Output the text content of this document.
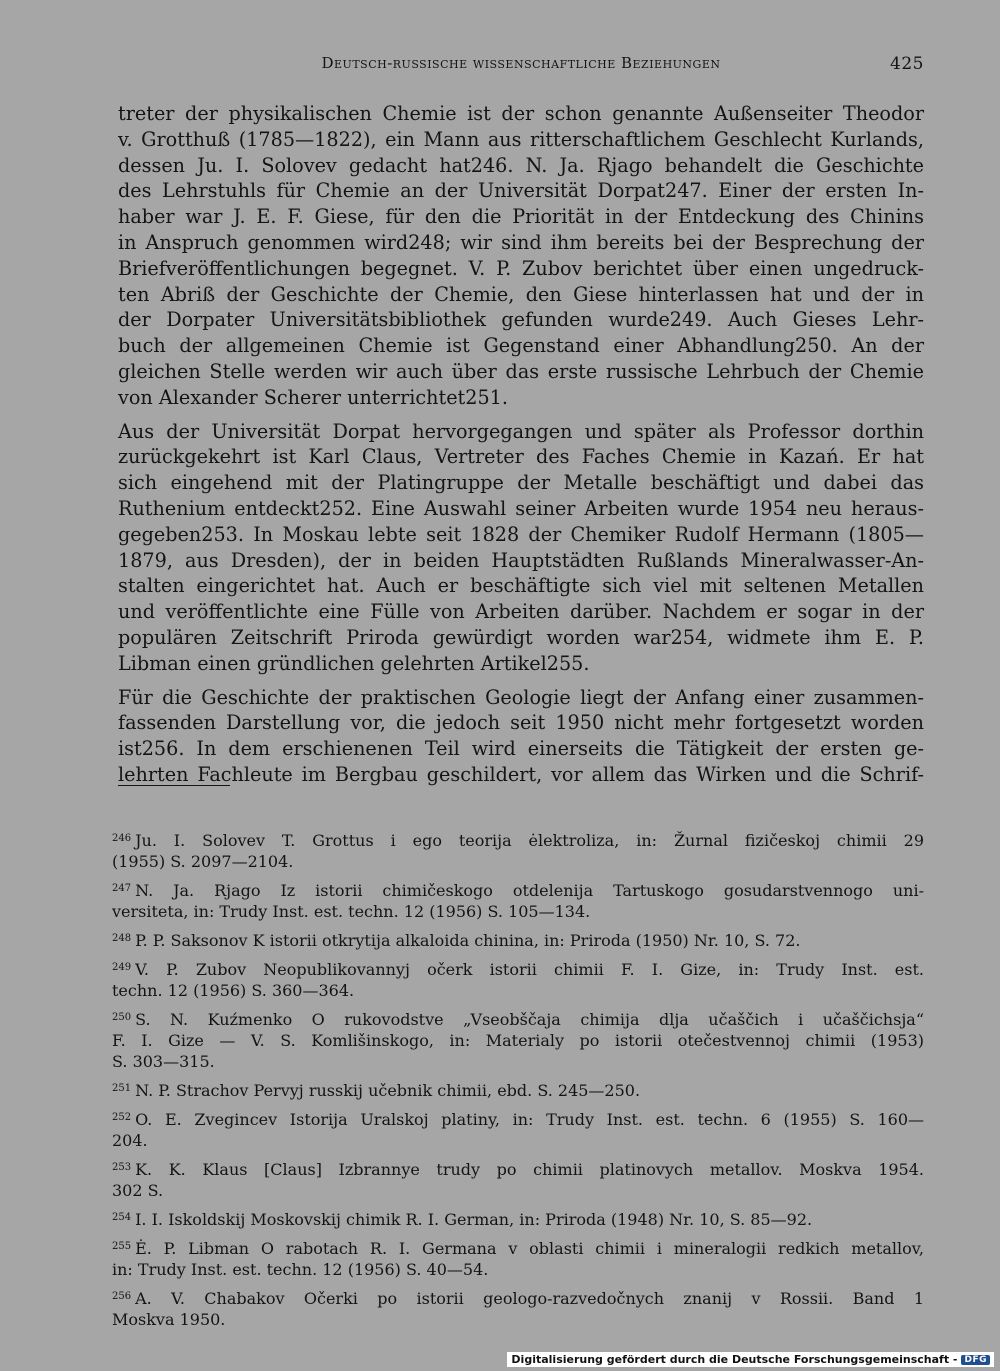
Deutsch-russische wissenschaftliche Beziehungen	425

treter der physikalischen Chemie ist der schon genannte Außenseiter Theodor
v. Grotthuß (1785—1822), ein Mann aus ritterschaftlichem Geschlecht Kurlands,
dessen Ju. I. Solovev gedacht hat246. N. Ja. Rjago behandelt die Geschichte
des Lehrstuhls für Chemie an der Universität Dorpat247. Einer der ersten In-
haber war J. E. F. Giese, für den die Priorität in der Entdeckung des Chinins
in Anspruch genommen wird248; wir sind ihm bereits bei der Besprechung der
Briefveröffentlichungen begegnet. V. P. Zubov berichtet über einen ungedruck-
ten Abriß der Geschichte der Chemie, den Giese hinterlassen hat und der in
der Dorpater Universitätsbibliothek gefunden wurde249. Auch Gieses Lehr-
buch der allgemeinen Chemie ist Gegenstand einer Abhandlung250. An der
gleichen Stelle werden wir auch über das erste russische Lehrbuch der Chemie
von Alexander Scherer unterrichtet251.

Aus der Universität Dorpat hervorgegangen und später als Professor dorthin
zurückgekehrt ist Karl Claus, Vertreter des Faches Chemie in Kazań. Er hat
sich eingehend mit der Platingruppe der Metalle beschäftigt und dabei das
Ruthenium entdeckt252. Eine Auswahl seiner Arbeiten wurde 1954 neu heraus-
gegeben253. In Moskau lebte seit 1828 der Chemiker Rudolf Hermann (1805—
1879, aus Dresden), der in beiden Hauptstädten Rußlands Mineralwasser-An-
stalten eingerichtet hat. Auch er beschäftigte sich viel mit seltenen Metallen
und veröffentlichte eine Fülle von Arbeiten darüber. Nachdem er sogar in der
populären Zeitschrift Priroda gewürdigt worden war254, widmete ihm E. P.
Libman einen gründlichen gelehrten Artikel255.

Für die Geschichte der praktischen Geologie liegt der Anfang einer zusammen-
fassenden Darstellung vor, die jedoch seit 1950 nicht mehr fortgesetzt worden
ist256. In dem erschienenen Teil wird einerseits die Tätigkeit der ersten ge-
lehrten Fachleute im Bergbau geschildert, vor allem das Wirken und die Schrif-

$^{246}$ Ju. I. Solovev T. Grottus i ego teorija ėlektroliza, in: Žurnal fizičeskoj chimii 29
(1955) S. 2097—2104.
$^{247}$ N. Ja. Rjago Iz istorii chimičeskogo otdelenija Tartuskogo gosudarstvennogo uni-
versiteta, in: Trudy Inst. est. techn. 12 (1956) S. 105—134.
$^{248}$ P. P. Saksonov K istorii otkrytija alkaloida chinina, in: Priroda (1950) Nr. 10, S. 72.
$^{249}$ V. P. Zubov Neopublikovannyj očerk istorii chimii F. I. Gize, in: Trudy Inst. est.
techn. 12 (1956) S. 360—364.
$^{250}$ S. N. Kuźmenko O rukovodstve „Vseobščaja chimija dlja učaščich i učaščichsja“
F. I. Gize — V. S. Komlišinskogo, in: Materialy po istorii otečestvennoj chimii (1953)
S. 303—315.
$^{251}$ N. P. Strachov Pervyj russkij učebnik chimii, ebd. S. 245—250.
$^{252}$ O. E. Zvegincev Istorija Uralskoj platiny, in: Trudy Inst. est. techn. 6 (1955) S. 160—
204.
$^{253}$ K. K. Klaus [Claus] Izbrannye trudy po chimii platinovych metallov. Moskva 1954.
302 S.
$^{254}$ I. I. Iskoldskij Moskovskij chimik R. I. German, in: Priroda (1948) Nr. 10, S. 85—92.
$^{255}$ Ė. P. Libman O rabotach R. I. Germana v oblasti chimii i mineralogii redkich metallov,
in: Trudy Inst. est. techn. 12 (1956) S. 40—54.
$^{256}$ A. V. Chabakov Očerki po istorii geologo-razvedočnych znanij v Rossii. Band 1
Moskva 1950.
Digitalisierung gefördert durch die Deutsche Forschungsgemeinschaft - DFG
